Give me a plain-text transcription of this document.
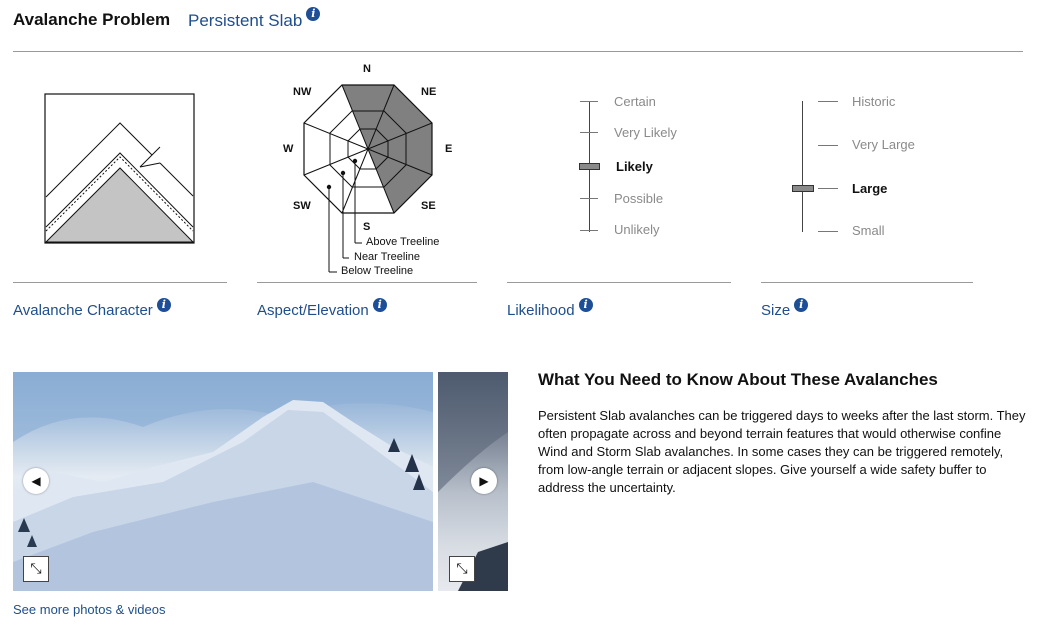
Avalanche Problem Persistent Slab i
N
NE
E
SE
S
SW
W
NW
Above Treeline
Near Treeline
Below Treeline
Certain
Very Likely
Likely
Possible
Unlikely
Historic
Very Large
Large
Small
Avalanche Character i	Aspect/Elevation i	Likelihood i	Size i
◀
⤡
▶
⤡
See more photos & videos
What You Need to Know About These Avalanches
Persistent Slab avalanches can be triggered days to weeks after the last storm. They often propagate across and beyond terrain features that would otherwise confine Wind and Storm Slab avalanches. In some cases they can be triggered remotely, from low-angle terrain or adjacent slopes. Give yourself a wide safety buffer to address the uncertainty.
